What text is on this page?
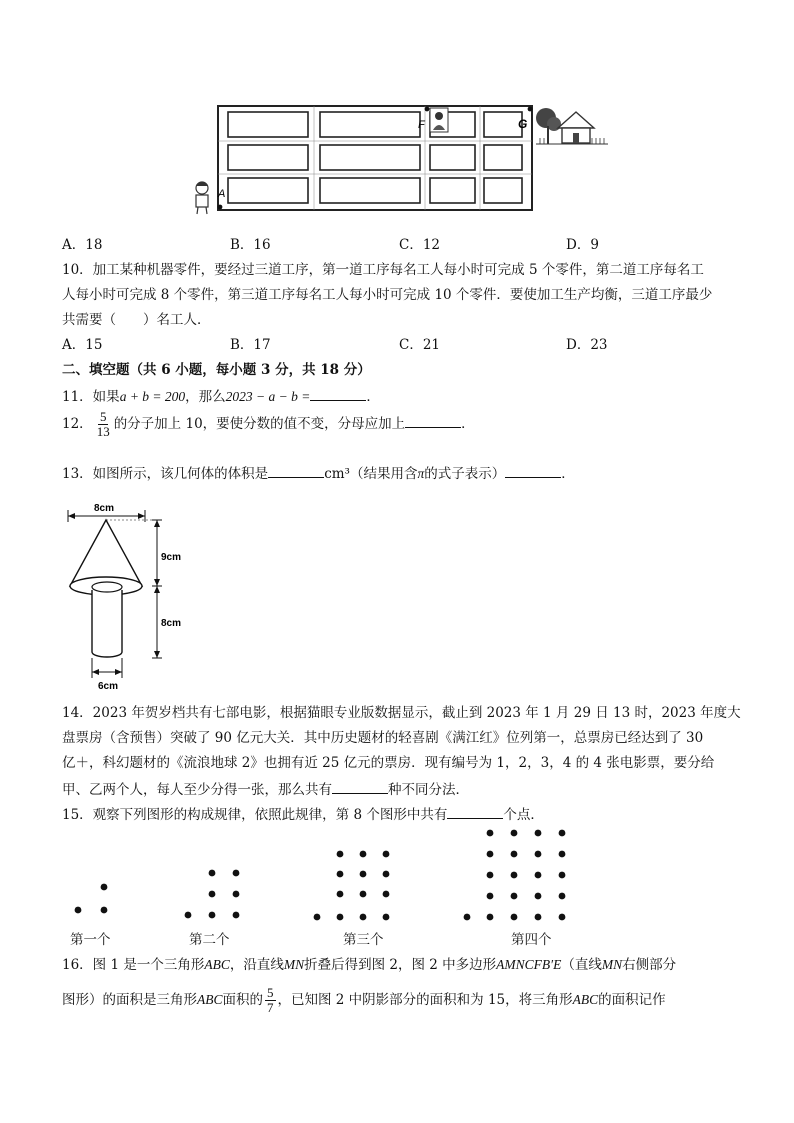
A
F	G
A．18	B．16	C．12	D．9
10．加工某种机器零件，要经过三道工序，第一道工序每名工人每小时可完成 5 个零件，第二道工序每名工
人每小时可完成 8 个零件，第三道工序每名工人每小时可完成 10 个零件．要使加工生产均衡，三道工序最少
共需要（　　）名工人．
A．15	B．17	C．21	D．23
二、填空题（共 6 小题，每小题 3 分，共 18 分）
11．如果a + b = 200，那么2023 − a − b =	．
12． $\frac{5}{13}$ 的分子加上 10，要使分数的值不变，分母应加上	．
13．如图所示，该几何体的体积是	cm³（结果用含π的式子表示）	．
8cm
9cm
8cm
6cm
14．2023 年贺岁档共有七部电影，根据猫眼专业版数据显示，截止到 2023 年 1 月 29 日 13 时，2023 年度大
盘票房（含预售）突破了 90 亿元大关．其中历史题材的轻喜剧《满江红》位列第一，总票房已经达到了 30
亿＋，科幻题材的《流浪地球 2》也拥有近 25 亿元的票房．现有编号为 1，2，3，4 的 4 张电影票，要分给
甲、乙两个人，每人至少分得一张，那么共有	种不同分法．
15．观察下列图形的构成规律，依照此规律，第 8 个图形中共有	个点．
第一个	第二个	第三个	第四个
16．图 1 是一个三角形ABC，沿直线MN折叠后得到图 2，图 2 中多边形AMNCFB′E（直线MN右侧部分
图形）的面积是三角形ABC面积的 $\frac{5}{7}$ ，已知图 2 中阴影部分的面积和为 15，将三角形ABC的面积记作
